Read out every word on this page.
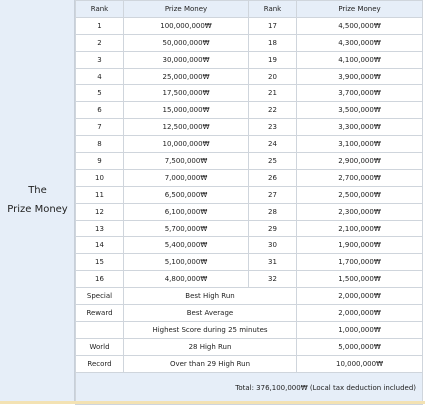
The
Prize Money
Rank	Prize Money	Rank	Prize Money
1	100,000,000₩	17	4,500,000₩
2	50,000,000₩	18	4,300,000₩
3	30,000,000₩	19	4,100,000₩
4	25,000,000₩	20	3,900,000₩
5	17,500,000₩	21	3,700,000₩
6	15,000,000₩	22	3,500,000₩
7	12,500,000₩	23	3,300,000₩
8	10,000,000₩	24	3,100,000₩
9	7,500,000₩	25	2,900,000₩
10	7,000,000₩	26	2,700,000₩
11	6,500,000₩	27	2,500,000₩
12	6,100,000₩	28	2,300,000₩
13	5,700,000₩	29	2,100,000₩
14	5,400,000₩	30	1,900,000₩
15	5,100,000₩	31	1,700,000₩
16	4,800,000₩	32	1,500,000₩
Special	Best High Run		2,000,000₩
Reward	Best Average		2,000,000₩
	Highest Score during 25 minutes		1,000,000₩
World	28 High Run		5,000,000₩
Record	Over than 29 High Run		10,000,000₩
Total: 376,100,000₩ (Local tax deduction included)			
